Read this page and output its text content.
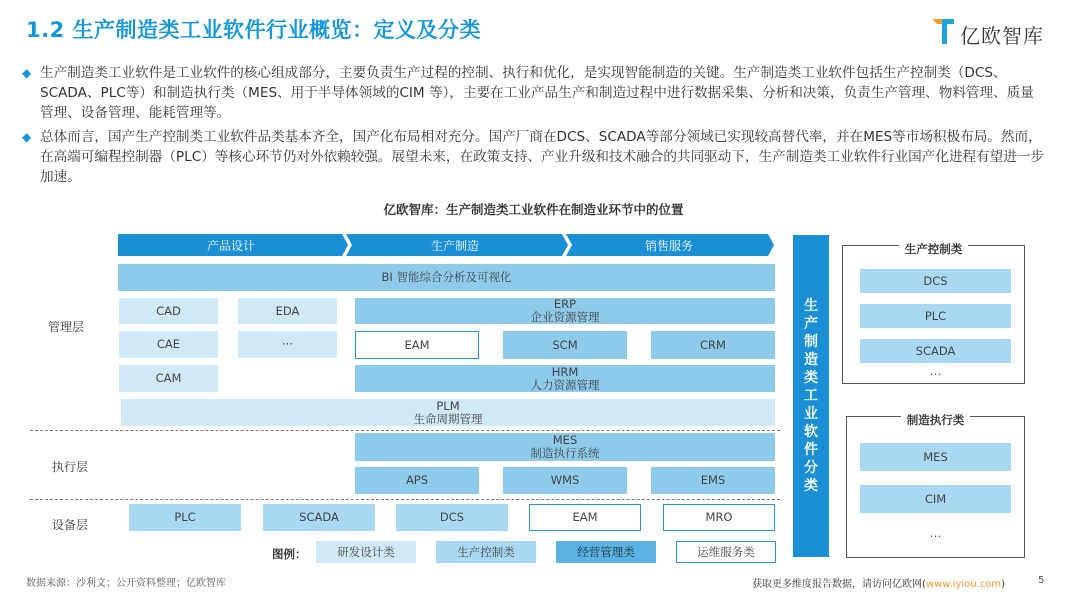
1.2 生产制造类工业软件行业概览：定义及分类	亿欧智库
◆ 生产制造类工业软件是工业软件的核心组成部分，主要负责生产过程的控制、执行和优化，是实现智能制造的关键。生产制造类工业软件包括生产控制类（DCS、SCADA、PLC等）和制造执行类（MES、用于半导体领域的CIM 等），主要在工业产品生产和制造过程中进行数据采集、分析和决策，负责生产管理、物料管理、质量管理、设备管理、能耗管理等。
◆ 总体而言，国产生产控制类工业软件品类基本齐全，国产化布局相对充分。国产厂商在DCS、SCADA等部分领域已实现较高替代率，并在MES等市场积极布局。然而，在高端可编程控制器（PLC）等核心环节仍对外依赖较强。展望未来，在政策支持、产业升级和技术融合的共同驱动下，生产制造类工业软件行业国产化进程有望进一步加速。
亿欧智库：生产制造类工业软件在制造业环节中的位置
产品设计	生产制造	销售服务
BI 智能综合分析及可视化
管理层
执行层
设备层
CAD	EDA
CAE	···
CAM
ERP
企业资源管理
EAM	SCM	CRM
HRM
人力资源管理
PLM
生命周期管理
MES
制造执行系统
APS	WMS	EMS
PLC	SCADA	DCS	EAM	MRO
图例：	研发设计类	生产控制类	经营管理类	运维服务类
生
产
制
造
类
工
业
软
件
分
类
生产控制类
DCS
PLC
SCADA
…
制造执行类
MES
CIM
…
数据来源：沙利文；公开资料整理；亿欧智库	获取更多维度报告数据，请访问亿欧网(www.iyiou.com)	5
